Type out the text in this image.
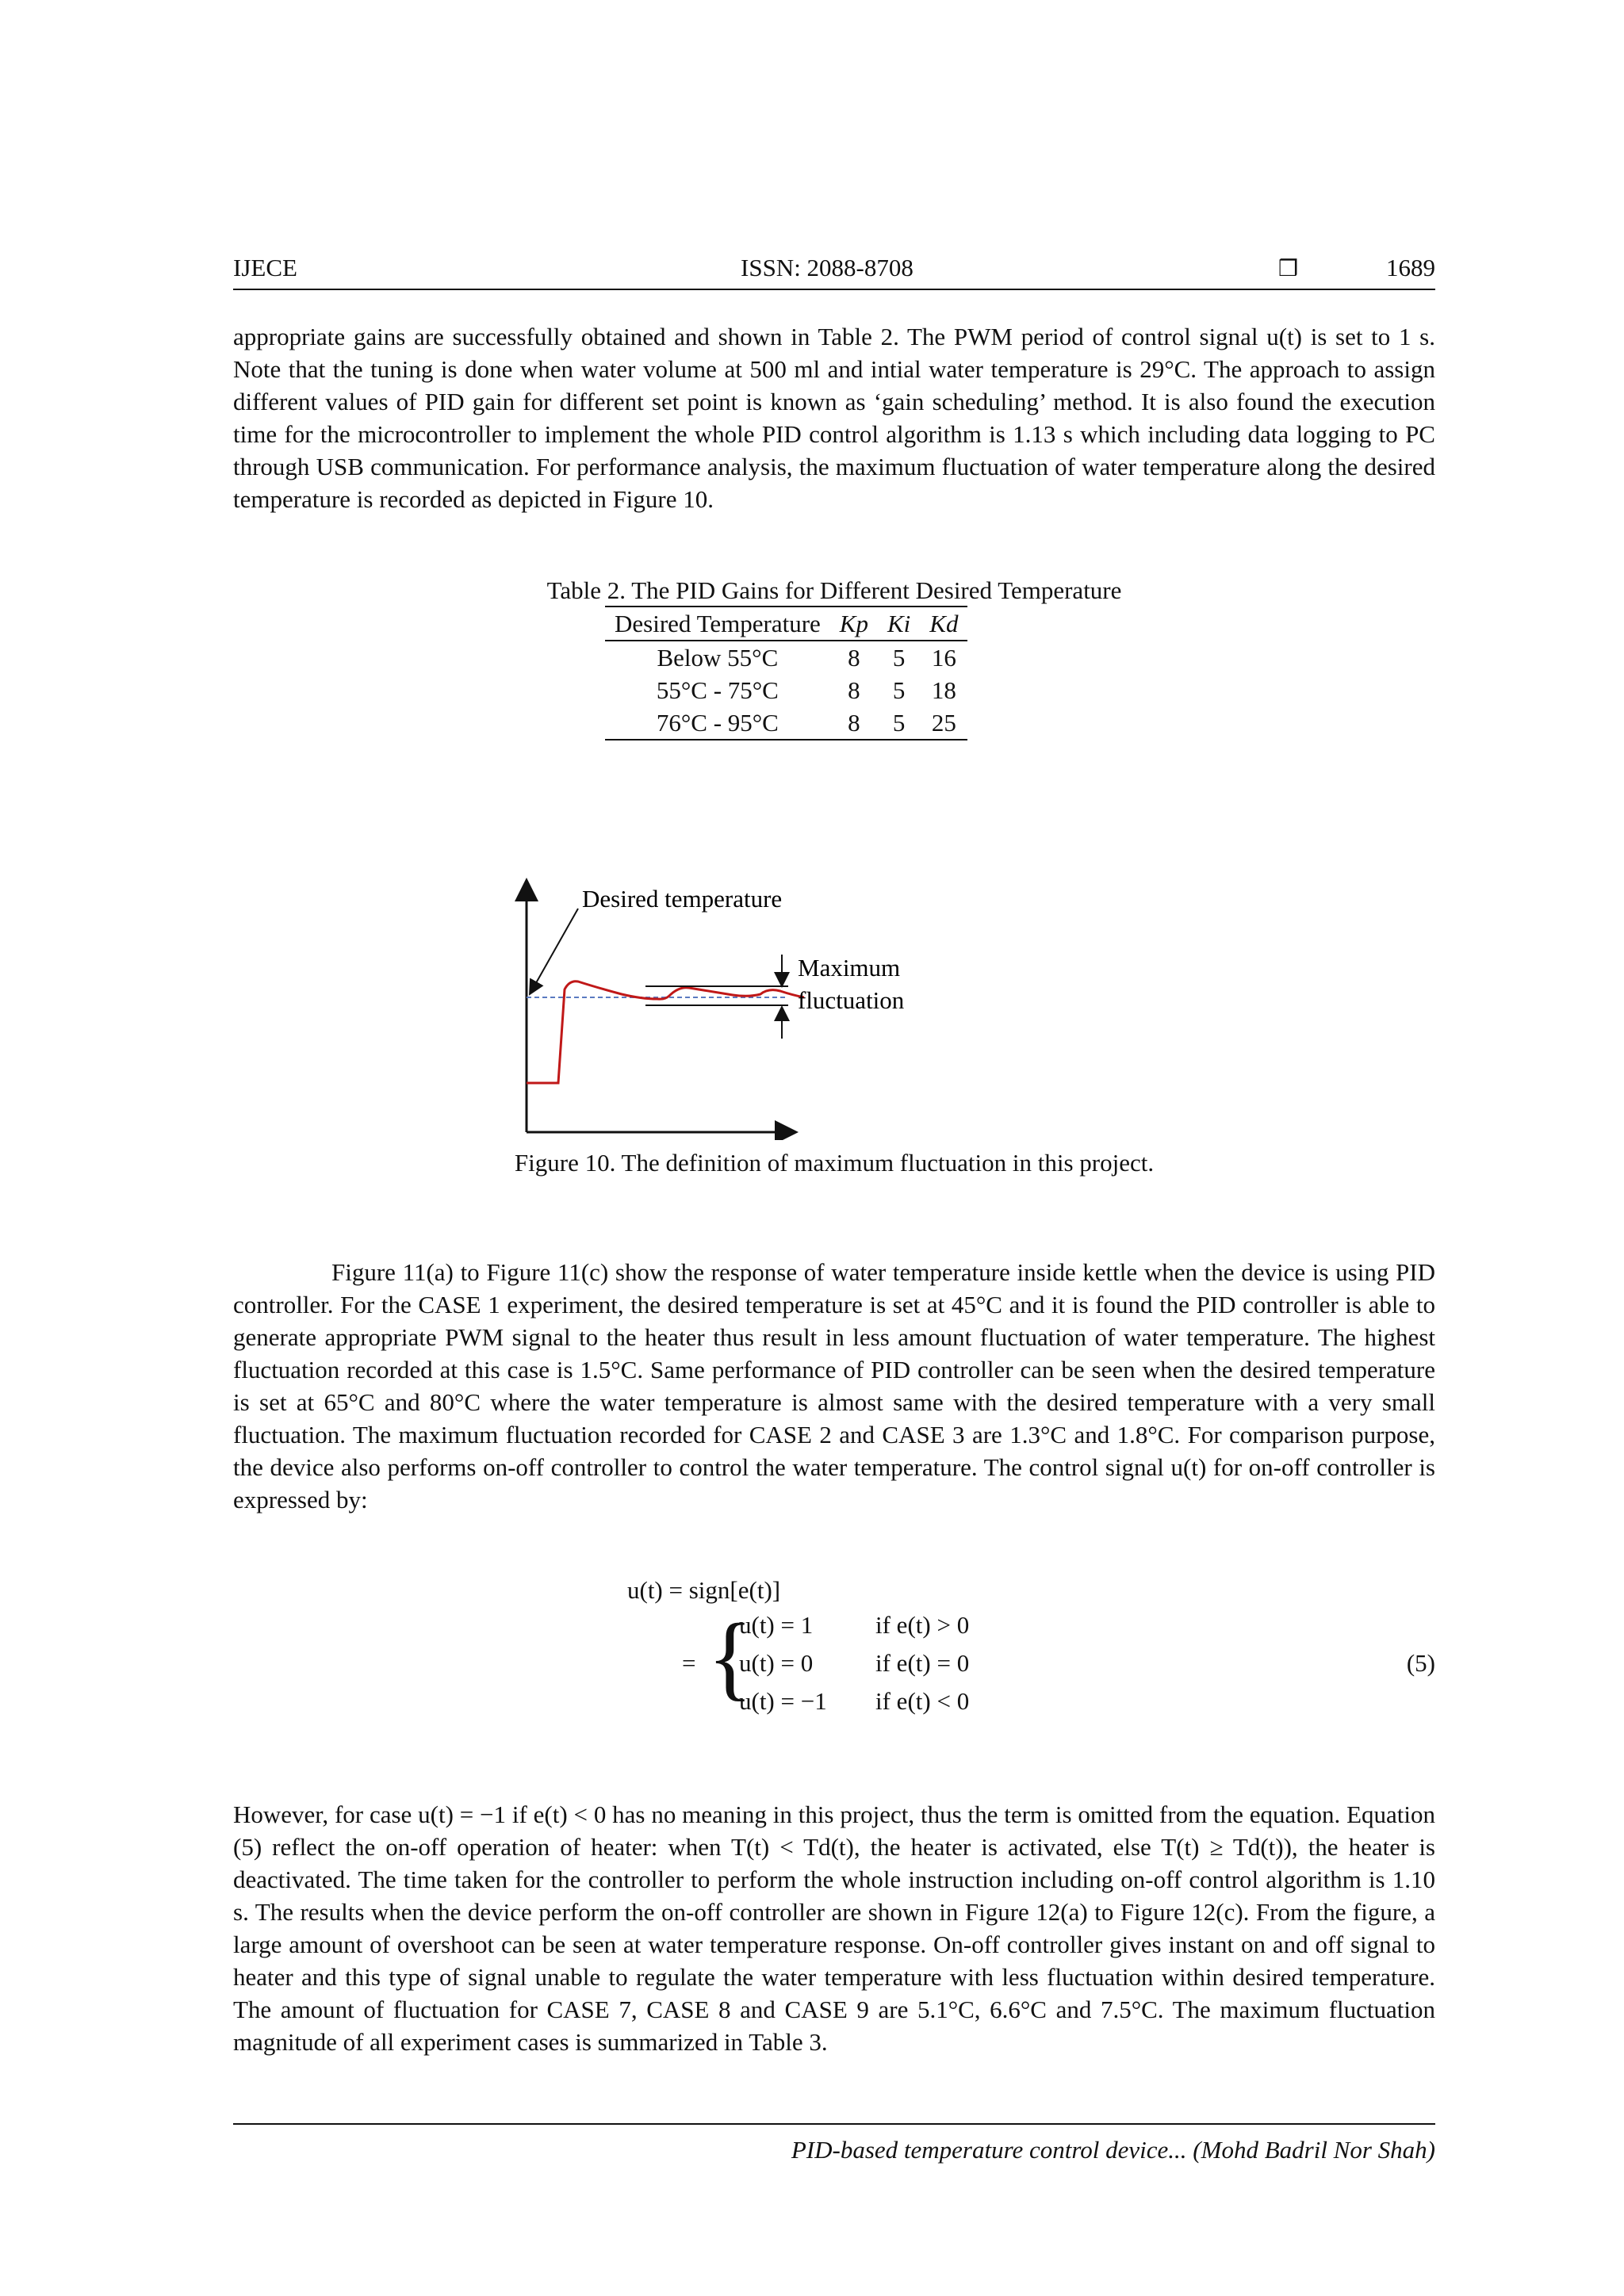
IJECE	ISSN: 2088-8708	❒	1689

appropriate gains are successfully obtained and shown in Table 2. The PWM period of control signal u(t) is set to 1 s. Note that the tuning is done when water volume at 500 ml and intial water temperature is 29°C. The approach to assign different values of PID gain for different set point is known as ‘gain scheduling’ method. It is also found the execution time for the microcontroller to implement the whole PID control algorithm is 1.13 s which including data logging to PC through USB communication. For performance analysis, the maximum fluctuation of water temperature along the desired temperature is recorded as depicted in Figure 10.

Table 2. The PID Gains for Different Desired Temperature
Desired Temperature	Kp	Ki	Kd
Below 55°C	8	5	16
55°C - 75°C	8	5	18
76°C - 95°C	8	5	25
Desired temperature
Maximum
fluctuation
Figure 10. The definition of maximum fluctuation in this project.

Figure 11(a) to Figure 11(c) show the response of water temperature inside kettle when the device is using PID controller. For the CASE 1 experiment, the desired temperature is set at 45°C and it is found the PID controller is able to generate appropriate PWM signal to the heater thus result in less amount fluctuation of water temperature. The highest fluctuation recorded at this case is 1.5°C. Same performance of PID controller can be seen when the desired temperature is set at 65°C and 80°C where the water temperature is almost same with the desired temperature with a very small fluctuation. The maximum fluctuation recorded for CASE 2 and CASE 3 are 1.3°C and 1.8°C. For comparison purpose, the device also performs on-off controller to control the water temperature. The control signal u(t) for on-off controller is expressed by:

u(t) = sign[e(t)]
= {
u(t) = 1	if e(t) > 0
u(t) = 0	if e(t) = 0
u(t) = −1 if e(t) < 0
(5)

However, for case u(t) = −1 if e(t) < 0 has no meaning in this project, thus the term is omitted from the equation. Equation (5) reflect the on-off operation of heater: when T(t) < Td(t), the heater is activated, else T(t) ≥ Td(t)), the heater is deactivated. The time taken for the controller to perform the whole instruction including on-off control algorithm is 1.10 s. The results when the device perform the on-off controller are shown in Figure 12(a) to Figure 12(c). From the figure, a large amount of overshoot can be seen at water temperature response. On-off controller gives instant on and off signal to heater and this type of signal unable to regulate the water temperature with less fluctuation within desired temperature. The amount of fluctuation for CASE 7, CASE 8 and CASE 9 are 5.1°C, 6.6°C and 7.5°C. The maximum fluctuation magnitude of all experiment cases is summarized in Table 3.

PID-based temperature control device... (Mohd Badril Nor Shah)
